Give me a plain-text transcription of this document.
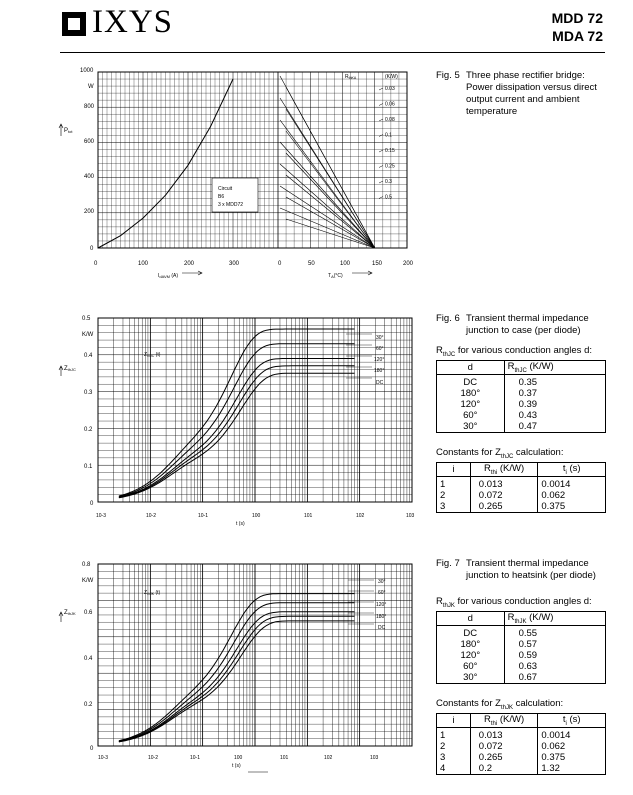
IXYS	MDD 72
MDA 72
0.03
0.06
0.08
0.1
0.15
0.25
0.3
0.5
1000
W
800
600
400
200
0
Ptot
0	100	200	300	0	50	100	150	200
$I_{dAVM}$ (A)	$T_A(^\circ C)$
$R_{thKA}$	(K/W)
Circuit
B6
3 x MDD72
Fig. 5 Three phase rectifier bridge: Power dissipation versus direct output current and ambient temperature
0.5
K/W
0.4
0.3
0.2
0.1
0
ZthJC
$Z_{thJC}$ (t)
10-3	10-2	10-1	100	101	102	103
t (s)
30°
60°
120°
180°
DC
Fig. 6 Transient thermal impedance junction to case (per diode)
$R_{thJC}$ for various conduction angles d:
d	$R_{thJC}$ (K/W)
DC	0.35
180°	0.37
120°	0.39
60°	0.43
30°	0.47
Constants for $Z_{thJC}$ calculation:
i	$R_{thi}$ (K/W)	$t_i$ (s)
1	0.013	0.0014
2	0.072	0.062
3	0.265	0.375
0.8
K/W
0.6
0.4
0.2
0
ZthJK
$Z_{thJK}$ (t)
10-3	10-2	10-1	100	101	102	103
t (s)
30°
60°
120°
180°
DC
Fig. 7 Transient thermal impedance junction to heatsink (per diode)
$R_{thJK}$ for various conduction angles d:
d	$R_{thJK}$ (K/W)
DC	0.55
180°	0.57
120°	0.59
60°	0.63
30°	0.67
Constants for $Z_{thJK}$ calculation:
i	$R_{thi}$ (K/W)	$t_i$ (s)
1	0.013	0.0014
2	0.072	0.062
3	0.265	0.375
4	0.2	1.32
